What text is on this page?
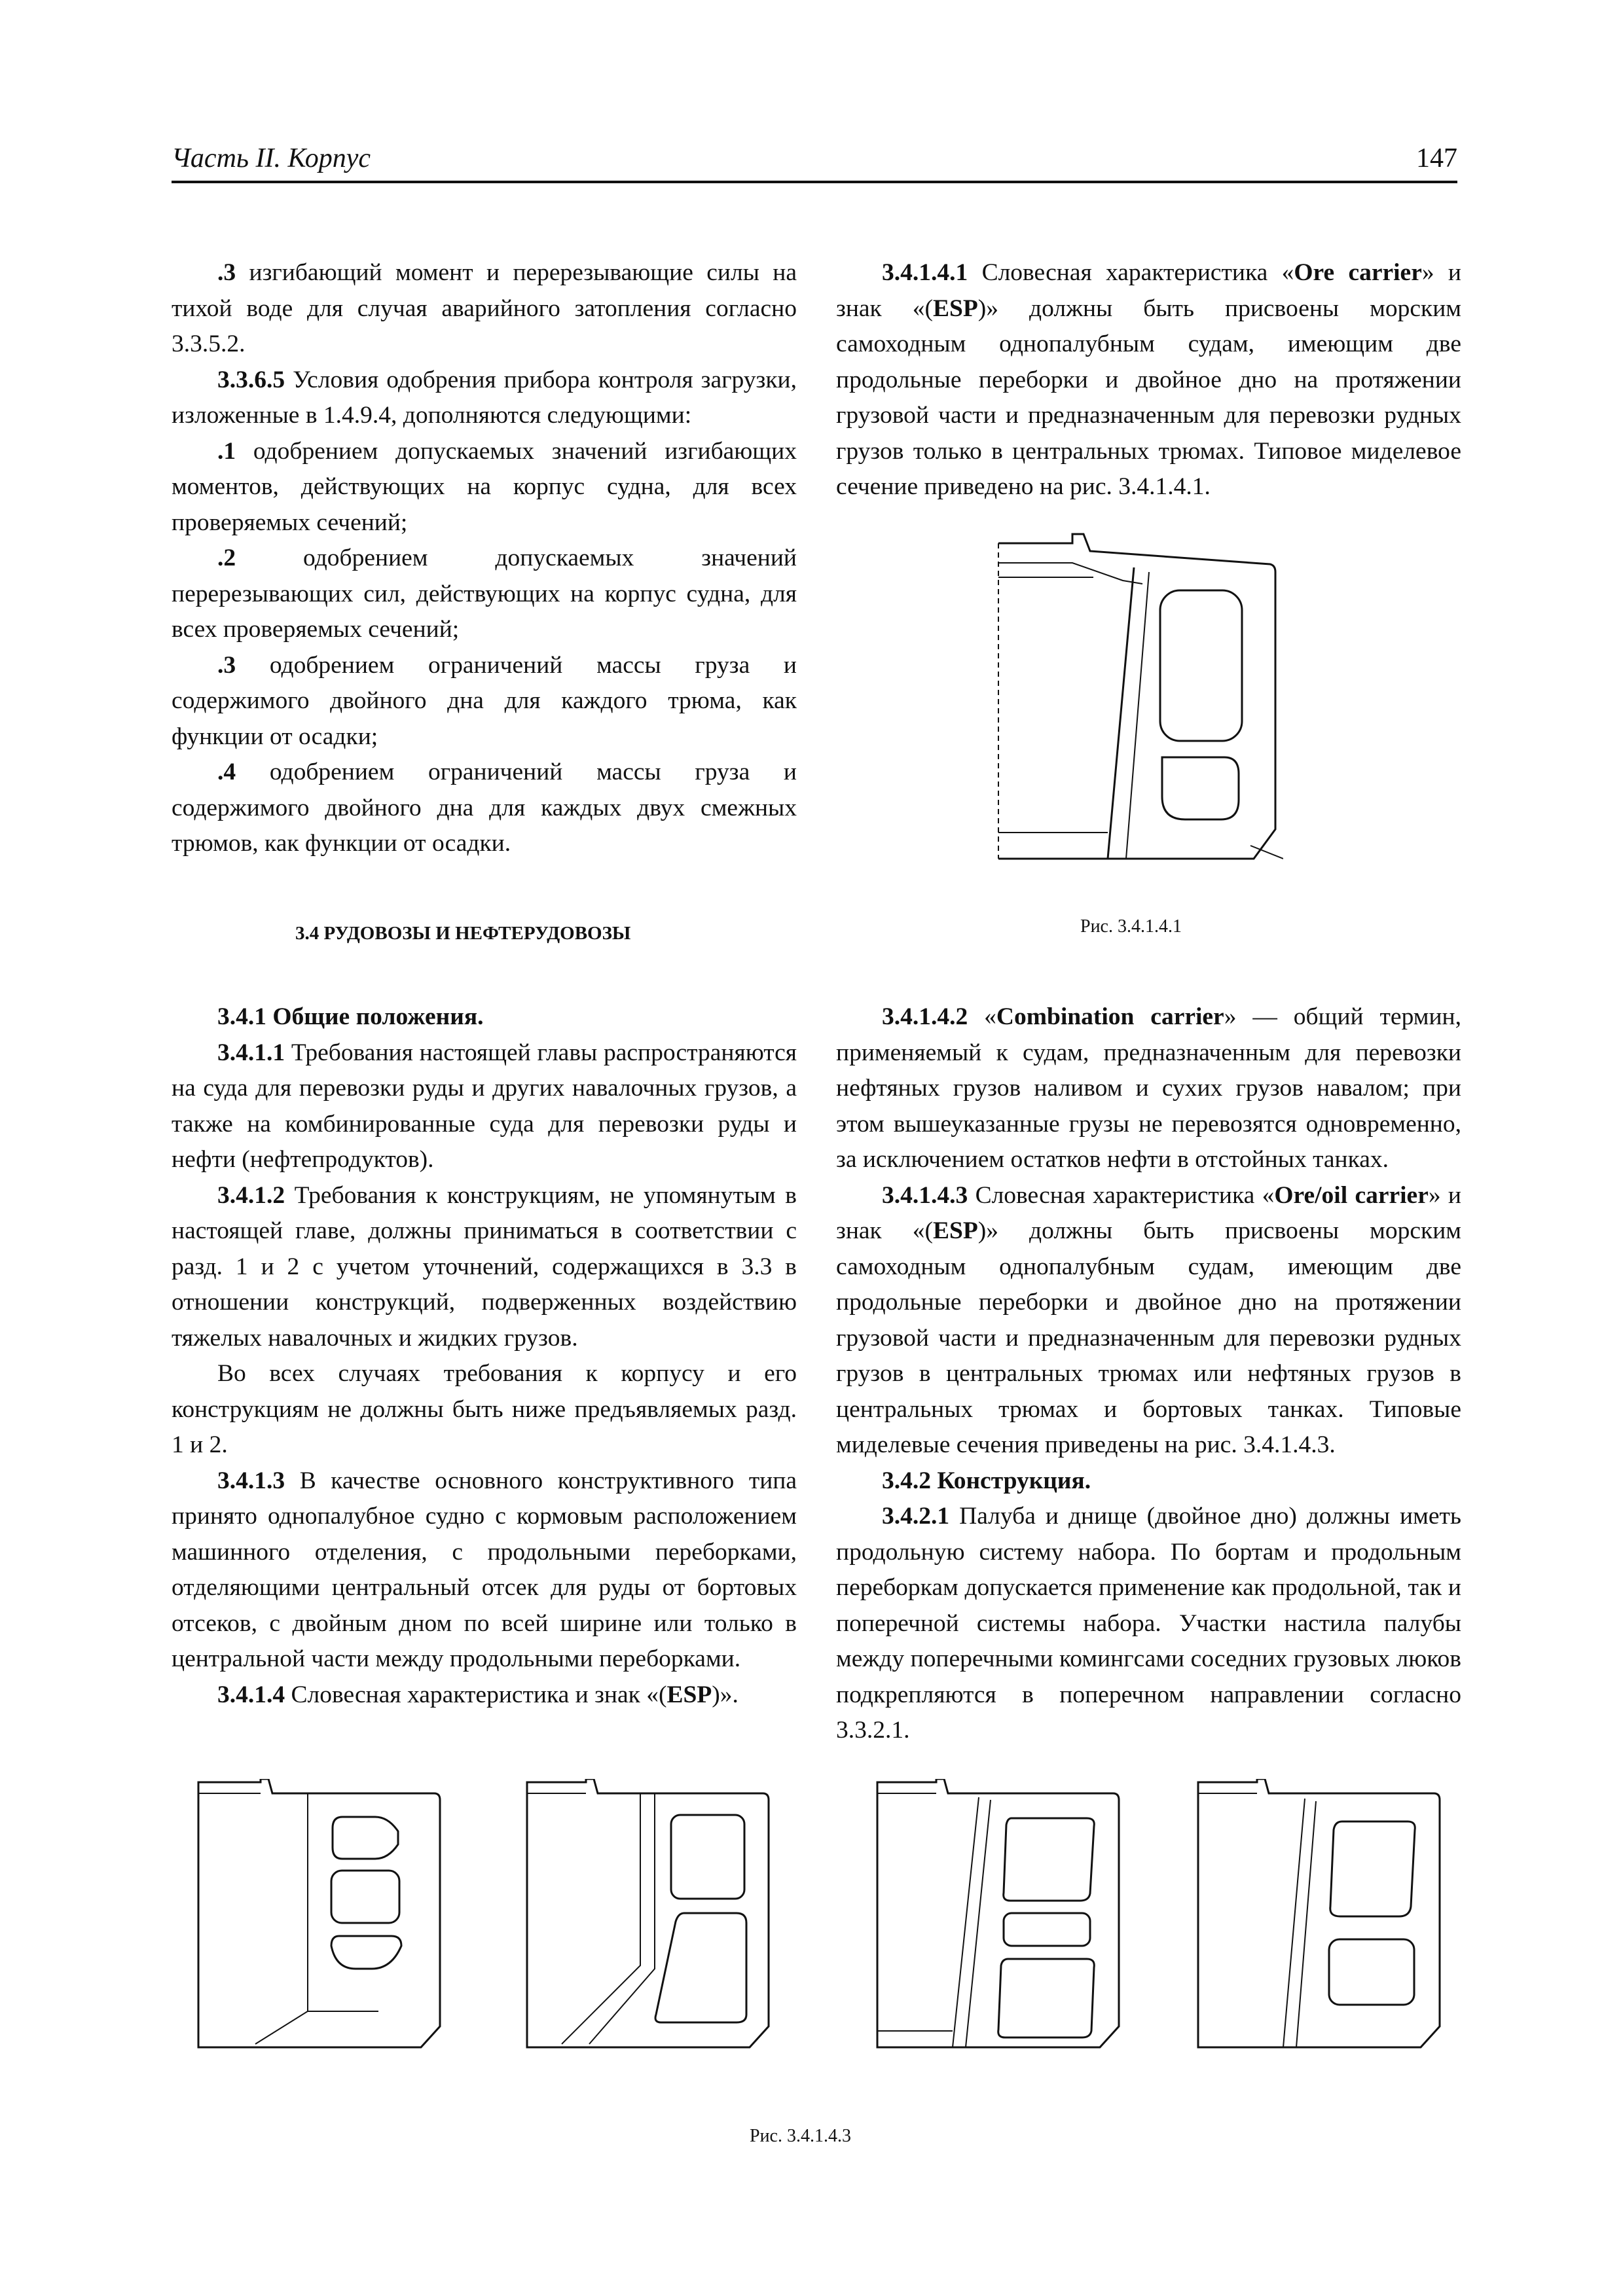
Часть II. Корпус	147

.3 изгибающий момент и перерезывающие силы на тихой воде для случая аварийного затопления согласно 3.3.5.2.

3.3.6.5 Условия одобрения прибора контроля загрузки, изложенные в 1.4.9.4, дополняются следующими:

.1 одобрением допускаемых значений изгибающих моментов, действующих на корпус судна, для всех проверяемых сечений;

.2 одобрением допускаемых значений перерезывающих сил, действующих на корпус судна, для всех проверяемых сечений;

.3 одобрением ограничений массы груза и содержимого двойного дна для каждого трюма, как функции от осадки;

.4 одобрением ограничений массы груза и содержимого двойного дна для каждых двух смежных трюмов, как функции от осадки.

3.4 РУДОВОЗЫ И НЕФТЕРУДОВОЗЫ

3.4.1.4.1 Словесная характеристика «Ore carrier» и знак «(ESP)» должны быть присвоены морским самоходным однопалубным судам, имеющим две продольные переборки и двойное дно на протяжении грузовой части и предназначенным для перевозки рудных грузов только в центральных трюмах. Типовое миделевое сечение приведено на рис. 3.4.1.4.1.

Рис. 3.4.1.4.1

3.4.1 Общие положения.

3.4.1.1 Требования настоящей главы распространяются на суда для перевозки руды и других навалочных грузов, а также на комбинированные суда для перевозки руды и нефти (нефтепродуктов).

3.4.1.2 Требования к конструкциям, не упомянутым в настоящей главе, должны приниматься в соответствии с разд. 1 и 2 с учетом уточнений, содержащихся в 3.3 в отношении конструкций, подверженных воздействию тяжелых навалочных и жидких грузов.

Во всех случаях требования к корпусу и его конструкциям не должны быть ниже предъявляемых разд. 1 и 2.

3.4.1.3 В качестве основного конструктивного типа принято однопалубное судно с кормовым расположением машинного отделения, с продольными переборками, отделяющими центральный отсек для руды от бортовых отсеков, с двойным дном по всей ширине или только в центральной части между продольными переборками.

3.4.1.4 Словесная характеристика и знак «(ESP)».

3.4.1.4.2 «Combination carrier» — общий термин, применяемый к судам, предназначенным для перевозки нефтяных грузов наливом и сухих грузов навалом; при этом вышеуказанные грузы не перевозятся одновременно, за исключением остатков нефти в отстойных танках.

3.4.1.4.3 Словесная характеристика «Ore/oil carrier» и знак «(ESP)» должны быть присвоены морским самоходным однопалубным судам, имеющим две продольные переборки и двойное дно на протяжении грузовой части и предназначенным для перевозки рудных грузов в центральных трюмах или нефтяных грузов в центральных трюмах и бортовых танках. Типовые миделевые сечения приведены на рис. 3.4.1.4.3.

3.4.2 Конструкция.

3.4.2.1 Палуба и днище (двойное дно) должны иметь продольную систему набора. По бортам и продольным переборкам допускается применение как продольной, так и поперечной системы набора. Участки настила палубы между поперечными комингсами соседних грузовых люков подкрепляются в поперечном направлении согласно 3.3.2.1.

Рис. 3.4.1.4.3
